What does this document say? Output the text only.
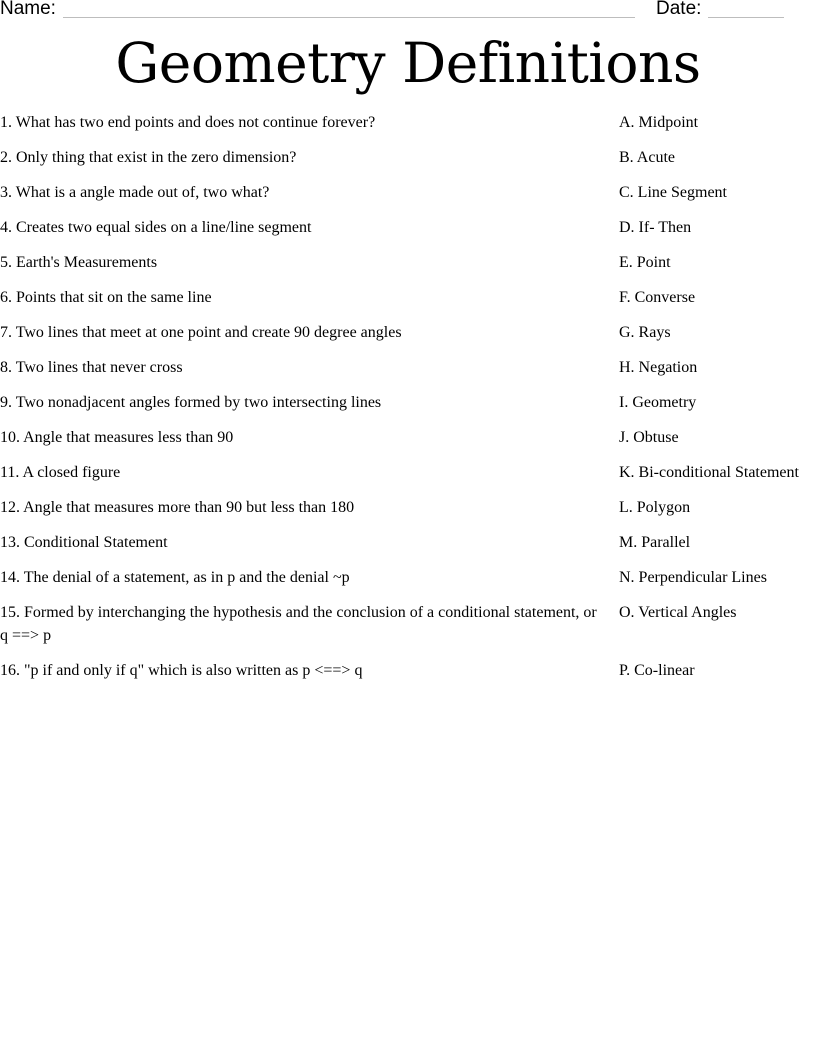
Name:	Date:
Geometry Definitions
1. What has two end points and does not continue forever?
2. Only thing that exist in the zero dimension?
3. What is a angle made out of, two what?
4. Creates two equal sides on a line/line segment
5. Earth's Measurements
6. Points that sit on the same line
7. Two lines that meet at one point and create 90 degree angles
8. Two lines that never cross
9. Two nonadjacent angles formed by two intersecting lines
10. Angle that measures less than 90
11. A closed figure
12. Angle that measures more than 90 but less than 180
13. Conditional Statement
14. The denial of a statement, as in p and the denial ~p
15. Formed by interchanging the hypothesis and the conclusion of a conditional statement, or q ==> p
16. "p if and only if q" which is also written as p <==> q
A. Midpoint
B. Acute
C. Line Segment
D. If- Then
E. Point
F. Converse
G. Rays
H. Negation
I. Geometry
J. Obtuse
K. Bi-conditional Statement
L. Polygon
M. Parallel
N. Perpendicular Lines
O. Vertical Angles
P. Co-linear
